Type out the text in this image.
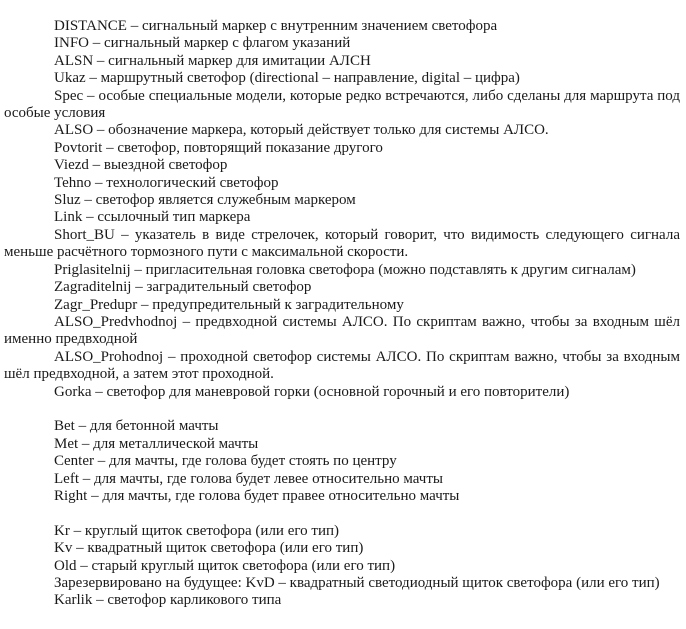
DISTANCE – сигнальный маркер с внутренним значением светофора

INFO – сигнальный маркер с флагом указаний

ALSN – сигнальный маркер для имитации АЛСН

Ukaz – маршрутный светофор (directional – направление, digital – цифра)

Spec – особые специальные модели, которые редко встречаются, либо сделаны для маршрута под особые условия

ALSO – обозначение маркера, который действует только для системы АЛСО.

Povtorit – светофор, повторящий показание другого

Viezd – выездной светофор

Tehno – технологический светофор

Sluz – светофор является служебным маркером

Link – ссылочный тип маркера

Short_BU – указатель в виде стрелочек, который говорит, что видимость следующего сигнала меньше расчётного тормозного пути с максимальной скорости.

Priglasitelnij – пригласительная головка светофора (можно подставлять к другим сигналам)

Zagraditelnij – заградительный светофор

Zagr_Predupr – предупредительный к заградительному

ALSO_Predvhodnoj – предвходной системы АЛСО. По скриптам важно, чтобы за входным шёл именно предвходной

ALSO_Prohodnoj – проходной светофор системы АЛСО. По скриптам важно, чтобы за входным шёл предвходной, а затем этот проходной.

Gorka – светофор для маневровой горки (основной горочный и его повторители)

Bet – для бетонной мачты

Met – для металлической мачты

Center – для мачты, где голова будет стоять по центру

Left – для мачты, где голова будет левее относительно мачты

Right – для мачты, где голова будет правее относительно мачты

Kr – круглый щиток светофора (или его тип)

Kv – квадратный щиток светофора (или его тип)

Old – старый круглый щиток светофора (или его тип)

Зарезервировано на будущее: KvD – квадратный светодиодный щиток светофора (или его тип)

Karlik – светофор карликового типа
